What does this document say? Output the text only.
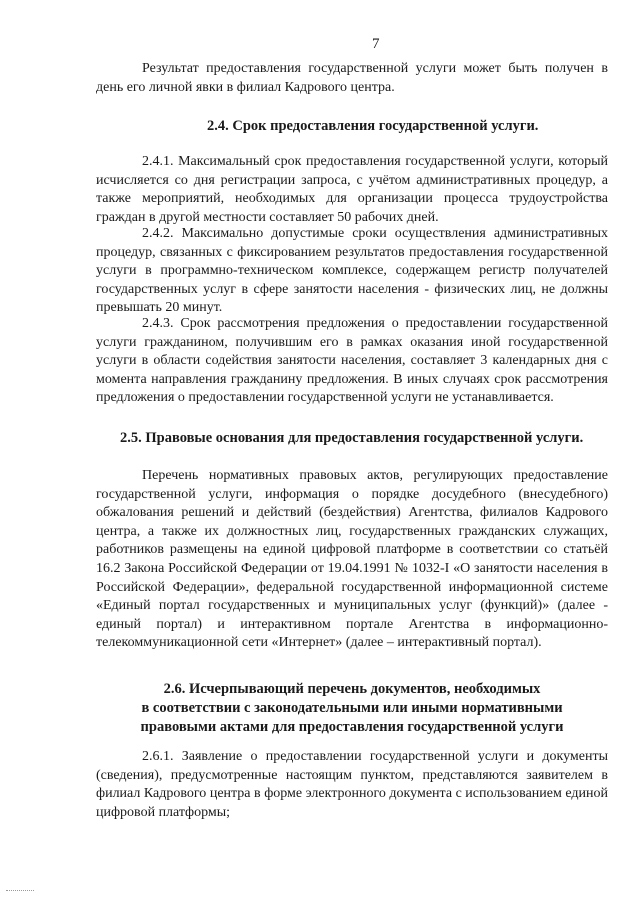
7

Результат предоставления государственной услуги может быть получен в день его личной явки в филиал Кадрового центра.

2.4. Срок предоставления государственной услуги.

2.4.1. Максимальный срок предоставления государственной услуги, который исчисляется со дня регистрации запроса, с учётом административных процедур, а также мероприятий, необходимых для организации процесса трудоустройства граждан в другой местности составляет 50 рабочих дней.

2.4.2. Максимально допустимые сроки осуществления административных процедур, связанных с фиксированием результатов предоставления государственной услуги в программно-техническом комплексе, содержащем регистр получателей государственных услуг в сфере занятости населения - физических лиц, не должны превышать 20 минут.

2.4.3. Срок рассмотрения предложения о предоставлении государственной услуги гражданином, получившим его в рамках оказания иной государственной услуги в области содействия занятости населения, составляет 3 календарных дня с момента направления гражданину предложения. В иных случаях срок рассмотрения предложения о предоставлении государственной услуги не устанавливается.

2.5. Правовые основания для предоставления государственной услуги.

Перечень нормативных правовых актов, регулирующих предоставление государственной услуги, информация о порядке досудебного (внесудебного) обжалования решений и действий (бездействия) Агентства, филиалов Кадрового центра, а также их должностных лиц, государственных гражданских служащих, работников размещены на единой цифровой платформе в соответствии со статьёй 16.2 Закона Российской Федерации от 19.04.1991 № 1032-I «О занятости населения в Российской Федерации», федеральной государственной информационной системе «Единый портал государственных и муниципальных услуг (функций)» (далее - единый портал) и интерактивном портале Агентства в информационно-телекоммуникационной сети «Интернет» (далее – интерактивный портал).

2.6. Исчерпывающий перечень документов, необходимых
в соответствии с законодательными или иными нормативными
правовыми актами для предоставления государственной услуги

2.6.1. Заявление о предоставлении государственной услуги и документы (сведения), предусмотренные настоящим пунктом, представляются заявителем в филиал Кадрового центра в форме электронного документа с использованием единой цифровой платформы;
